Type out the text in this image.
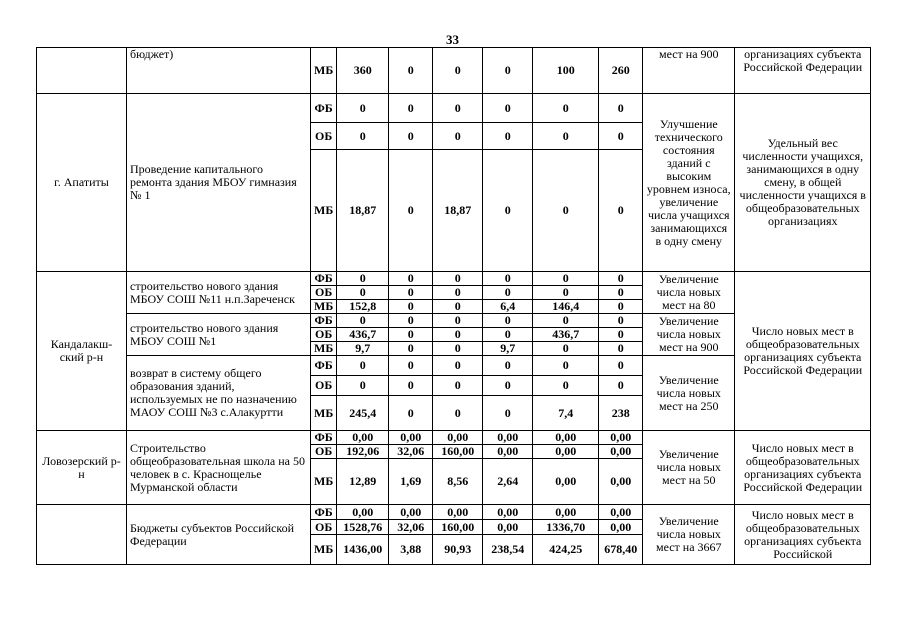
33
	бюджет)	МБ	360	0	0	0	100	260	мест на 900	организациях субъекта Российской Федерации
г. Апатиты	Проведение капитального ремонта здания МБОУ гимназия № 1	ФБ	0	0	0	0	0	0	Улучшение технического состояния зданий с высоким уровнем износа, увеличение числа учащихся занимающихся в одну смену	Удельный вес численности учащихся, занимающихся в одну смену, в общей численности учащихся в общеобразовательных организациях
		ОБ	0	0	0	0	0	0		
		МБ	18,87	0	18,87	0	0	0		
Кандалакш-ский р-н	строительство нового здания МБОУ СОШ №11 н.п.Зареченск	ФБ	0	0	0	0	0	0	Увеличение числа новых мест на 80	Число новых мест в общеобразовательных организациях субъекта Российской Федерации
		ОБ	0	0	0	0	0	0		
		МБ	152,8	0	0	6,4	146,4	0		
	строительство нового здания МБОУ СОШ №1	ФБ	0	0	0	0	0	0	Увеличение числа новых мест на 900	
		ОБ	436,7	0	0	0	436,7	0		
		МБ	9,7	0	0	9,7	0	0		
	возврат в систему общего образования зданий, используемых не по назначению МАОУ СОШ №3 с.Алакуртти	ФБ	0	0	0	0	0	0	Увеличение числа новых мест на 250	
		ОБ	0	0	0	0	0	0		
		МБ	245,4	0	0	0	7,4	238		
Ловозерский р-н	Строительство общеобразовательная школа на 50 человек в с. Краснощелье Мурманской области	ФБ	0,00	0,00	0,00	0,00	0,00	0,00	Увеличение числа новых мест на 50	Число новых мест в общеобразовательных организациях субъекта Российской Федерации
		ОБ	192,06	32,06	160,00	0,00	0,00	0,00		
		МБ	12,89	1,69	8,56	2,64	0,00	0,00		
	Бюджеты субъектов Российской Федерации	ФБ	0,00	0,00	0,00	0,00	0,00	0,00	Увеличение числа новых мест на 3667	Число новых мест в общеобразовательных организациях субъекта Российской
		ОБ	1528,76	32,06	160,00	0,00	1336,70	0,00		
		МБ	1436,00	3,88	90,93	238,54	424,25	678,40		
